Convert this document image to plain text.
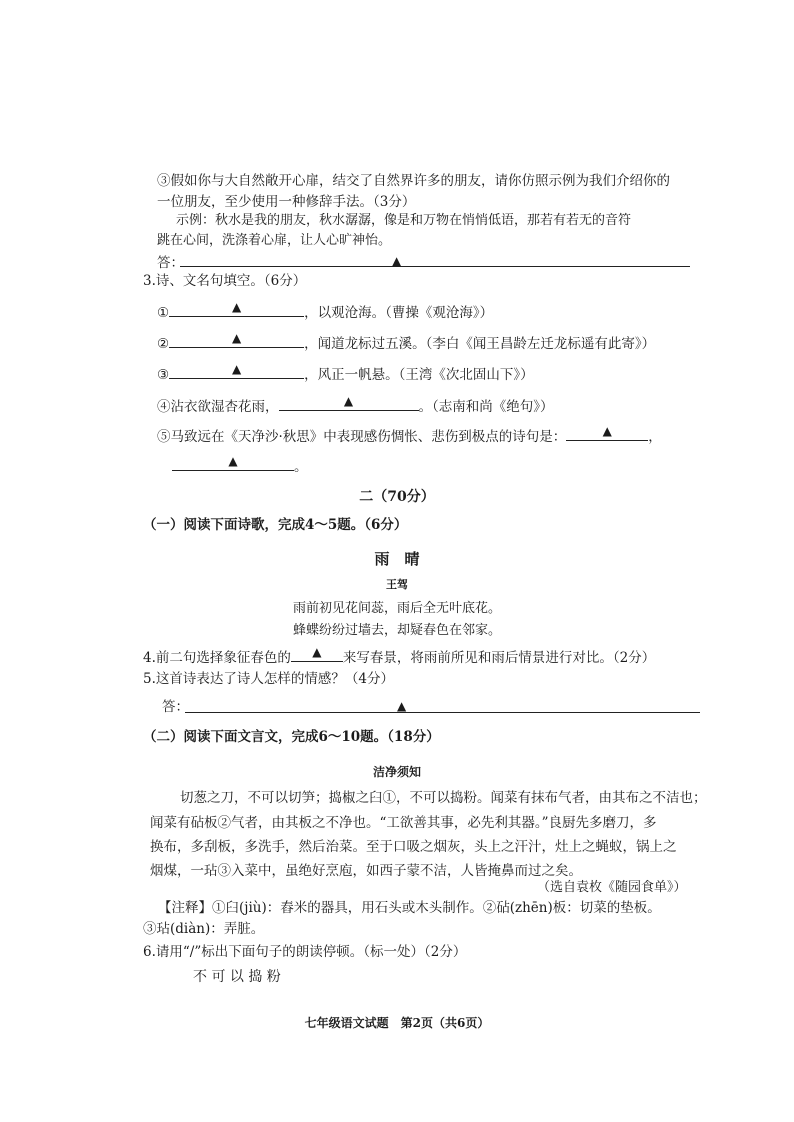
③假如你与大自然敞开心扉，结交了自然界许多的朋友，请你仿照示例为我们介绍你的
一位朋友，至少使用一种修辞手法。（3分）
示例：秋水是我的朋友，秋水潺潺，像是和万物在悄悄低语，那若有若无的音符
跳在心间，洗涤着心扉，让人心旷神怡。
答：	▲
3.诗、文名句填空。（6分）
①	▲	，以观沧海。（曹操《观沧海》）
②	▲	，闻道龙标过五溪。（李白《闻王昌龄左迁龙标遥有此寄》）
③	▲	，风正一帆悬。（王湾《次北固山下》）
④沾衣欲湿杏花雨，	▲	。（志南和尚《绝句》）
⑤马致远在《天净沙·秋思》中表现感伤惆怅、悲伤到极点的诗句是：	▲	，
▲	。
二（70分）
（一）阅读下面诗歌，完成4～5题。（6分）
雨　晴
王驾
雨前初见花间蕊，雨后全无叶底花。
蜂蝶纷纷过墙去，却疑春色在邻家。
4.前二句选择象征春色的 ▲ 来写春景，将雨前所见和雨后情景进行对比。（2分）
5.这首诗表达了诗人怎样的情感？（4分）
答：	▲
（二）阅读下面文言文，完成6～10题。（18分）
洁净须知
切葱之刀，不可以切笋；捣椒之臼①，不可以捣粉。闻菜有抹布气者，由其布之不洁也；
闻菜有砧板②气者，由其板之不净也。“工欲善其事，必先利其器。”良厨先多磨刀，多
换布，多刮板，多洗手，然后治菜。至于口吸之烟灰，头上之汗汁，灶上之蝇蚁，锅上之
烟煤，一玷③入菜中，虽绝好烹庖，如西子蒙不洁，人皆掩鼻而过之矣。
（选自袁枚《随园食单》）
【注释】①臼(jiù)：舂米的器具，用石头或木头制作。②砧(zhēn)板：切菜的垫板。
③玷(diàn)：弄脏。
6.请用“/”标出下面句子的朗读停顿。（标一处）（2分）
不 可 以 捣 粉
七年级语文试题　第2页（共6页）
